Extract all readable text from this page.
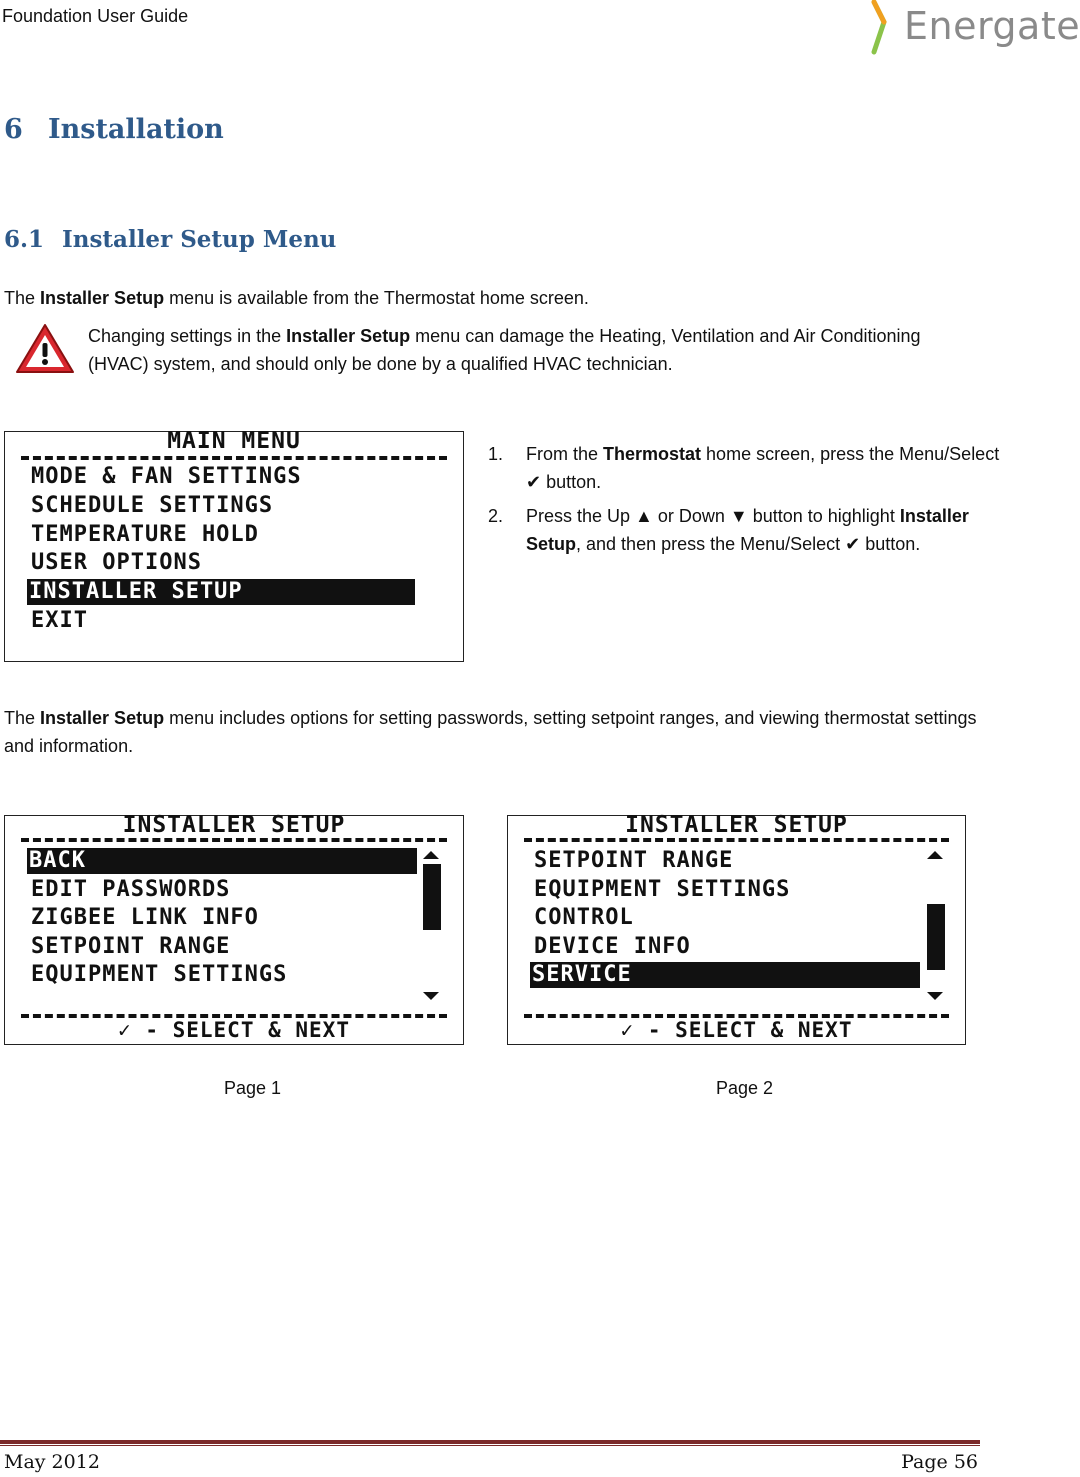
Foundation User Guide	Energate
6 Installation
6.1 Installer Setup Menu
The Installer Setup menu is available from the Thermostat home screen.
Changing settings in the Installer Setup menu can damage the Heating, Ventilation and Air Conditioning (HVAC) system, and should only be done by a qualified HVAC technician.
MAIN MENU
MODE & FAN SETTINGS
SCHEDULE SETTINGS
TEMPERATURE HOLD
USER OPTIONS
INSTALLER SETUP
EXIT
1. From the Thermostat home screen, press the Menu/Select ✔ button.
2. Press the Up ▲ or Down ▼ button to highlight Installer Setup, and then press the Menu/Select ✔ button.
The Installer Setup menu includes options for setting passwords, setting setpoint ranges, and viewing thermostat settings and information.
INSTALLER SETUP
BACK
EDIT PASSWORDS
ZIGBEE LINK INFO
SETPOINT RANGE
EQUIPMENT SETTINGS
✓ - SELECT & NEXT
INSTALLER SETUP
SETPOINT RANGE
EQUIPMENT SETTINGS
CONTROL
DEVICE INFO
SERVICE
✓ - SELECT & NEXT
Page 1	Page 2
May 2012	Page 56
